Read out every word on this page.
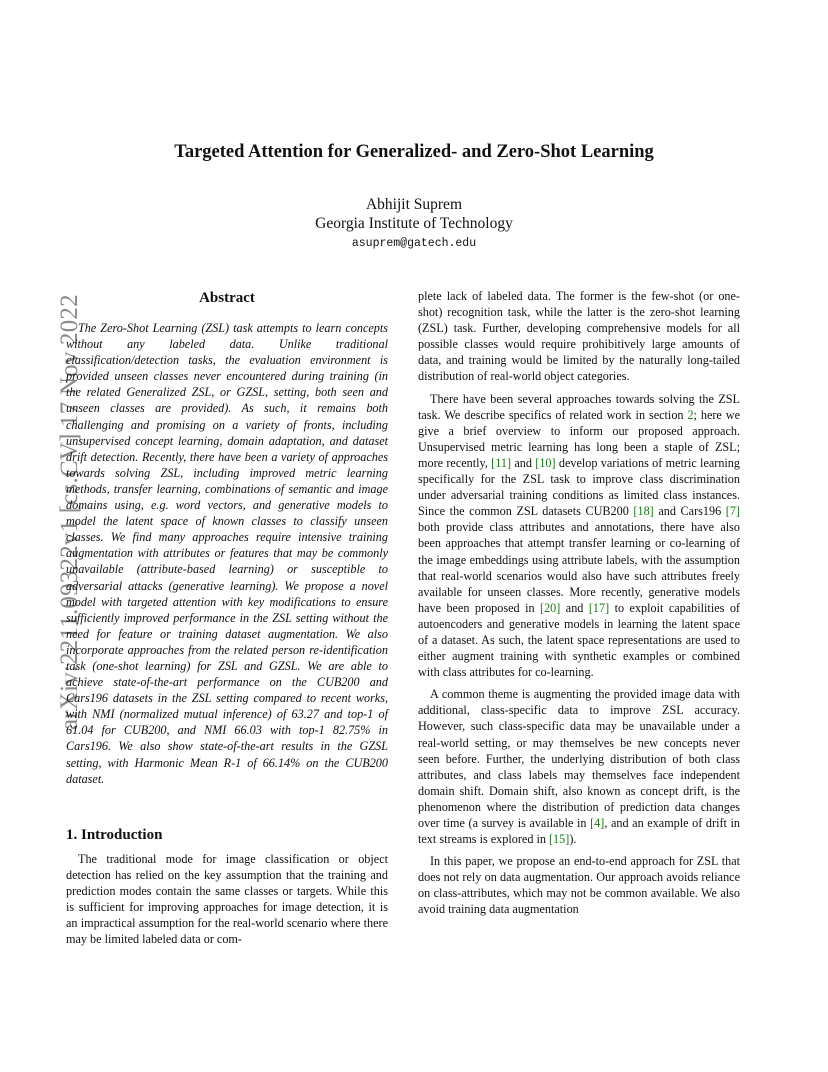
arXiv:2211.09322v1 [cs.CV] 17 Nov 2022
Targeted Attention for Generalized- and Zero-Shot Learning
Abhijit Suprem
Georgia Institute of Technology
asuprem@gatech.edu
Abstract

The Zero-Shot Learning (ZSL) task attempts to learn concepts without any labeled data. Unlike traditional classification/detection tasks, the evaluation environment is provided unseen classes never encountered during training (in the related Generalized ZSL, or GZSL, setting, both seen and unseen classes are provided). As such, it remains both challenging and promising on a variety of fronts, including unsupervised concept learning, domain adaptation, and dataset drift detection. Recently, there have been a variety of approaches towards solving ZSL, including improved metric learning methods, transfer learning, combinations of semantic and image domains using, e.g. word vectors, and generative models to model the latent space of known classes to classify unseen classes. We find many approaches require intensive training augmentation with attributes or features that may be commonly unavailable (attribute-based learning) or susceptible to adversarial attacks (generative learning). We propose a novel model with targeted attention with key modifications to ensure sufficiently improved performance in the ZSL setting without the need for feature or training dataset augmentation. We also incorporate approaches from the related person re-identification task (one-shot learning) for ZSL and GZSL. We are able to achieve state-of-the-art performance on the CUB200 and Cars196 datasets in the ZSL setting compared to recent works, with NMI (normalized mutual inference) of 63.27 and top-1 of 61.04 for CUB200, and NMI 66.03 with top-1 82.75% in Cars196. We also show state-of-the-art results in the GZSL setting, with Harmonic Mean R-1 of 66.14% on the CUB200 dataset.

1. Introduction

The traditional mode for image classification or object detection has relied on the key assumption that the training and prediction modes contain the same classes or targets. While this is sufficient for improving approaches for image detection, it is an impractical assumption for the real-world scenario where there may be limited labeled data or com-

plete lack of labeled data. The former is the few-shot (or one-shot) recognition task, while the latter is the zero-shot learning (ZSL) task. Further, developing comprehensive models for all possible classes would require prohibitively large amounts of data, and training would be limited by the naturally long-tailed distribution of real-world object categories.

There have been several approaches towards solving the ZSL task. We describe specifics of related work in section 2; here we give a brief overview to inform our proposed approach. Unsupervised metric learning has long been a staple of ZSL; more recently, [11] and [10] develop variations of metric learning specifically for the ZSL task to improve class discrimination under adversarial training conditions as limited class instances. Since the common ZSL datasets CUB200 [18] and Cars196 [7] both provide class attributes and annotations, there have also been approaches that attempt transfer learning or co-learning of the image embeddings using attribute labels, with the assumption that real-world scenarios would also have such attributes freely available for unseen classes. More recently, generative models have been proposed in [20] and [17] to exploit capabilities of autoencoders and generative models in learning the latent space of a dataset. As such, the latent space representations are used to either augment training with synthetic examples or combined with class attributes for co-learning.

A common theme is augmenting the provided image data with additional, class-specific data to improve ZSL accuracy. However, such class-specific data may be unavailable under a real-world setting, or may themselves be new concepts never seen before. Further, the underlying distribution of both class attributes, and class labels may themselves face independent domain shift. Domain shift, also known as concept drift, is the phenomenon where the distribution of prediction data changes over time (a survey is available in [4], and an example of drift in text streams is explored in [15]).

In this paper, we propose an end-to-end approach for ZSL that does not rely on data augmentation. Our approach avoids reliance on class-attributes, which may not be common available. We also avoid training data augmentation
